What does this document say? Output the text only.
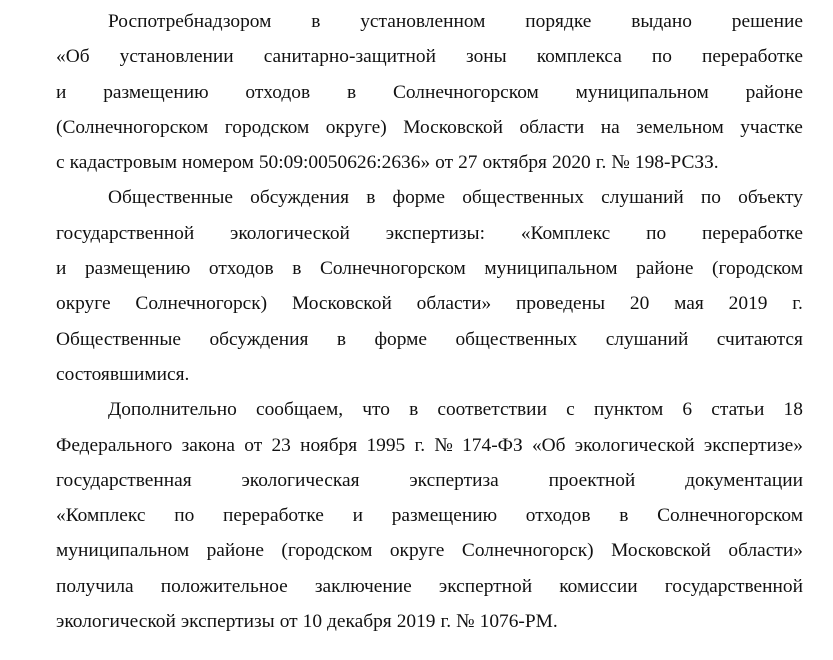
Роспотребнадзором в установленном порядке выдано решение
«Об установлении санитарно-защитной зоны комплекса по переработке
и размещению отходов в Солнечногорском муниципальном районе
(Солнечногорском городском округе) Московской области на земельном участке
с кадастровым номером 50:09:0050626:2636» от 27 октября 2020 г. № 198-РСЗЗ.
Общественные обсуждения в форме общественных слушаний по объекту
государственной экологической экспертизы: «Комплекс по переработке
и размещению отходов в Солнечногорском муниципальном районе (городском
округе Солнечногорск) Московской области» проведены 20 мая 2019 г.
Общественные обсуждения в форме общественных слушаний считаются
состоявшимися.
Дополнительно сообщаем, что в соответствии с пунктом 6 статьи 18
Федерального закона от 23 ноября 1995 г. № 174-ФЗ «Об экологической экспертизе»
государственная	экологическая	экспертиза	проектной	документации
«Комплекс по переработке и размещению отходов в Солнечногорском
муниципальном районе (городском округе Солнечногорск) Московской области»
получила положительное заключение экспертной комиссии государственной
экологической экспертизы от 10 декабря 2019 г. № 1076-РМ.
